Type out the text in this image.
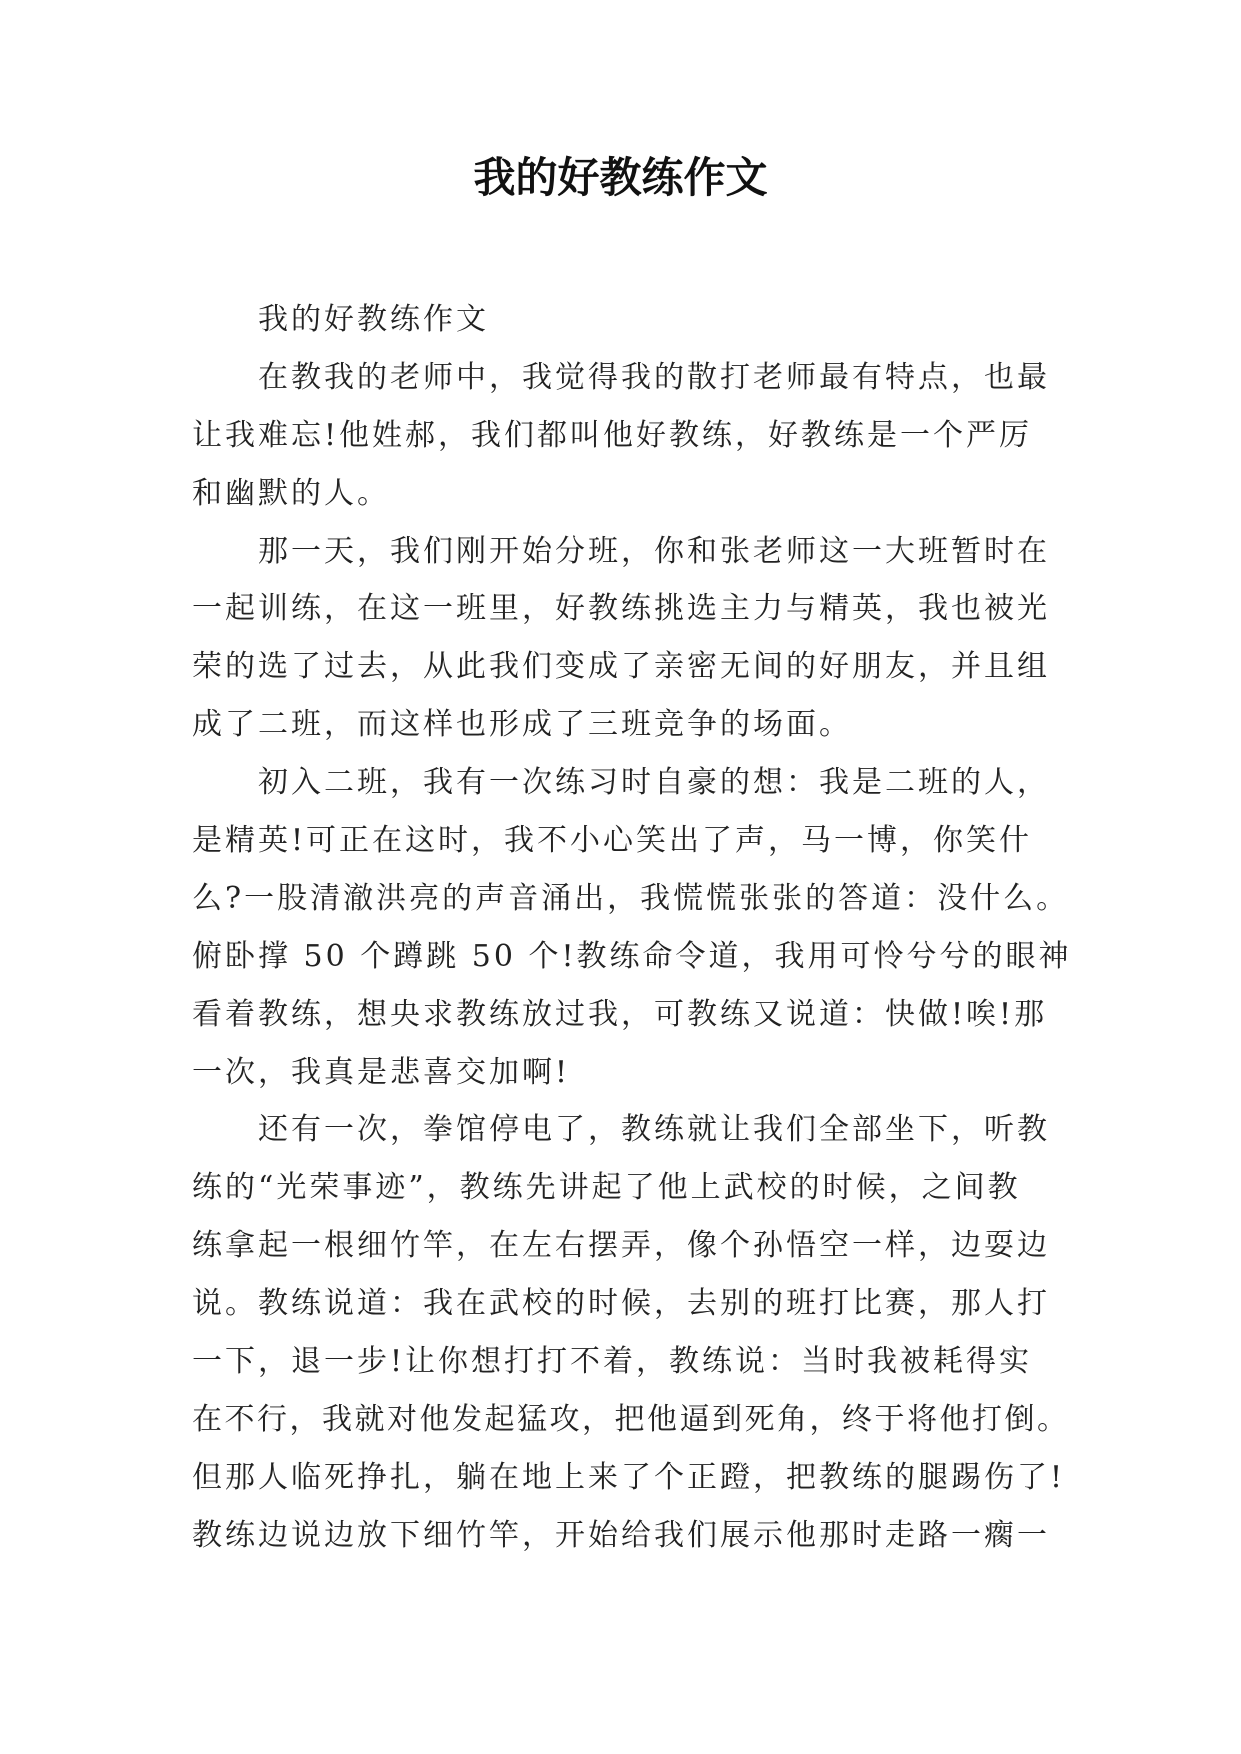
我的好教练作文
我的好教练作文
在教我的老师中，我觉得我的散打老师最有特点，也最
让我难忘!他姓郝，我们都叫他好教练，好教练是一个严厉
和幽默的人。
那一天，我们刚开始分班，你和张老师这一大班暂时在
一起训练，在这一班里，好教练挑选主力与精英，我也被光
荣的选了过去，从此我们变成了亲密无间的好朋友，并且组
成了二班，而这样也形成了三班竞争的场面。
初入二班，我有一次练习时自豪的想：我是二班的人，
是精英!可正在这时，我不小心笑出了声，马一博，你笑什
么?一股清澈洪亮的声音涌出，我慌慌张张的答道：没什么。
俯卧撑 50 个蹲跳 50 个!教练命令道，我用可怜兮兮的眼神
看着教练，想央求教练放过我，可教练又说道：快做!唉!那
一次，我真是悲喜交加啊!
还有一次，拳馆停电了，教练就让我们全部坐下，听教
练的“光荣事迹”，教练先讲起了他上武校的时候，之间教
练拿起一根细竹竿，在左右摆弄，像个孙悟空一样，边耍边
说。教练说道：我在武校的时候，去别的班打比赛，那人打
一下，退一步!让你想打打不着，教练说：当时我被耗得实
在不行，我就对他发起猛攻，把他逼到死角，终于将他打倒。
但那人临死挣扎，躺在地上来了个正蹬，把教练的腿踢伤了!
教练边说边放下细竹竿，开始给我们展示他那时走路一瘸一
